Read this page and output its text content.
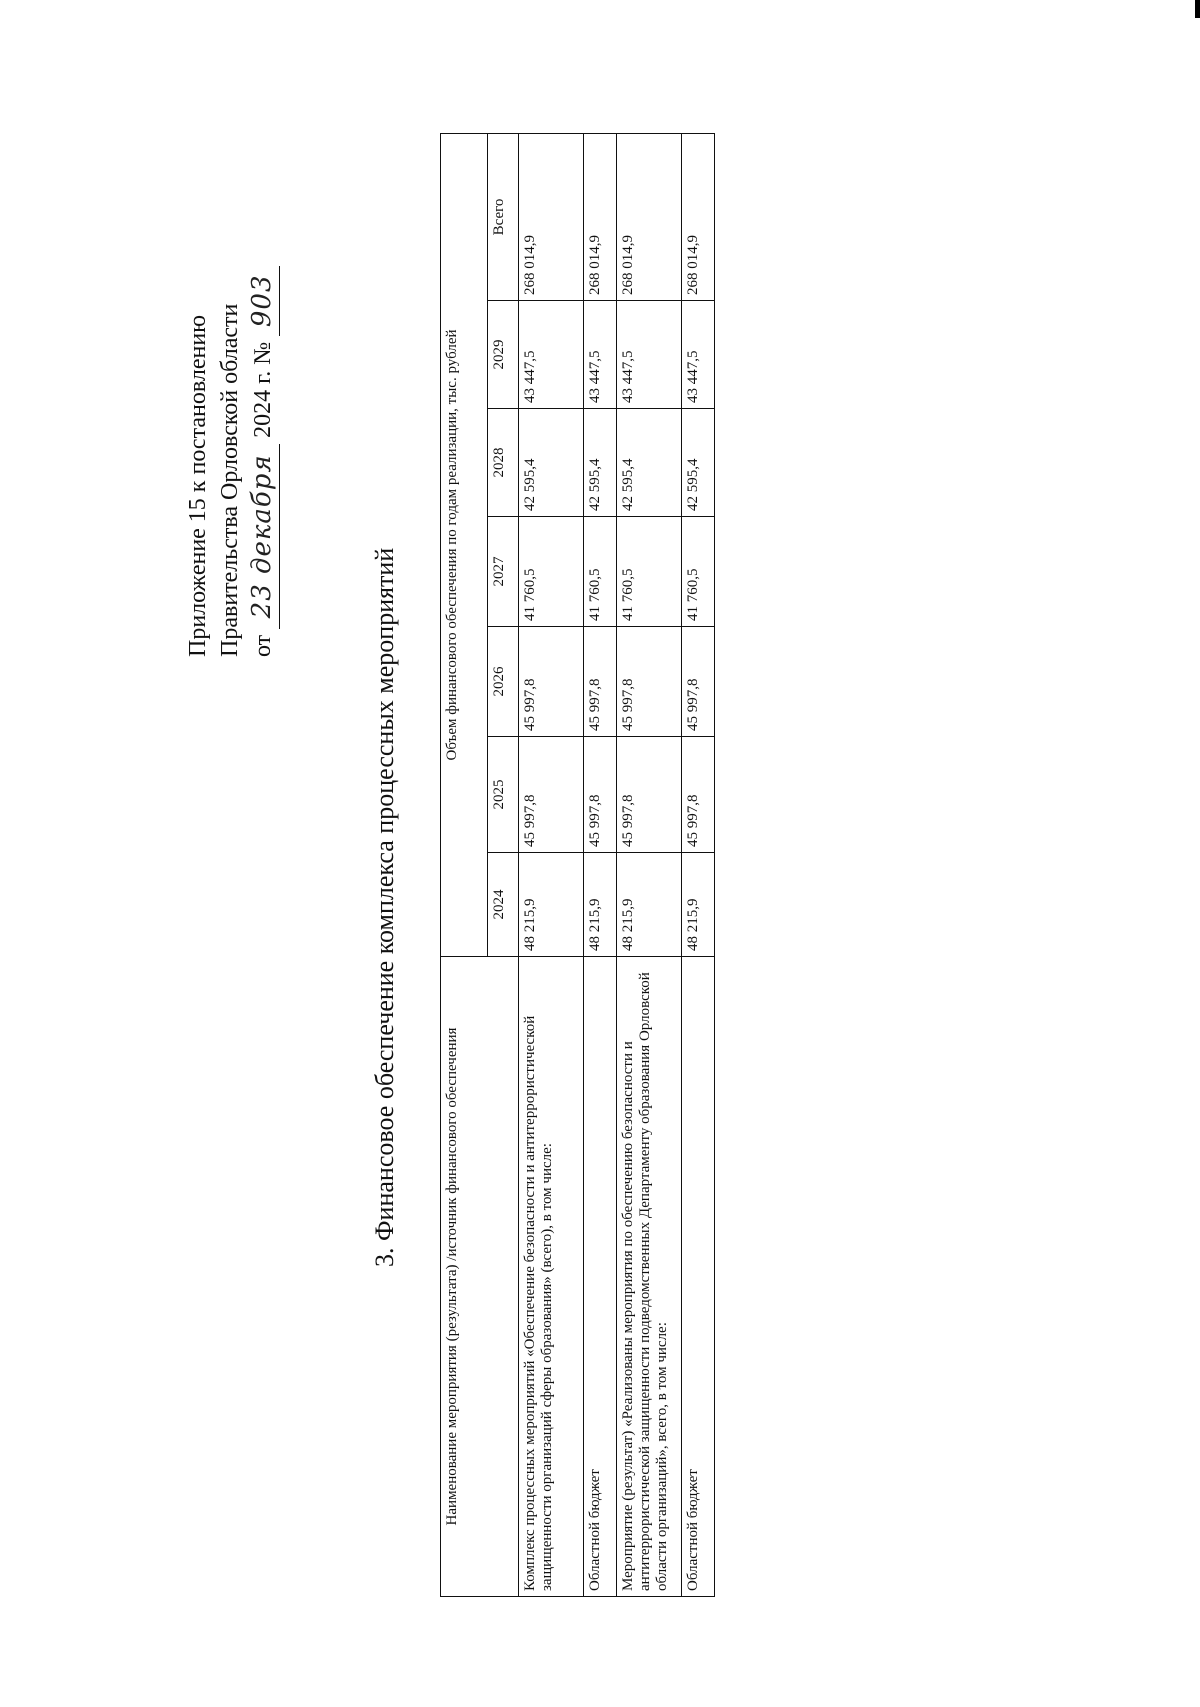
Приложение 15 к постановлению Правительства Орловской области от 23 декабря 2024 г. № 903
3. Финансовое обеспечение комплекса процессных мероприятий
Наименование мероприятия (результата) /источник финансового обеспечения	Объем финансового обеспечения по годам реализации, тыс. рублей						
	2024	2025	2026	2027	2028	2029	Всего
Комплекс процессных мероприятий «Обеспечение безопасности и антитеррористической защищенности организаций сферы образования» (всего), в том числе:	48 215,9	45 997,8	45 997,8	41 760,5	42 595,4	43 447,5	268 014,9
Областной бюджет	48 215,9	45 997,8	45 997,8	41 760,5	42 595,4	43 447,5	268 014,9
Мероприятие (результат) «Реализованы мероприятия по обеспечению безопасности и антитеррористической защищенности подведомственных Департаменту образования Орловской области организаций», всего, в том числе:	48 215,9	45 997,8	45 997,8	41 760,5	42 595,4	43 447,5	268 014,9
Областной бюджет	48 215,9	45 997,8	45 997,8	41 760,5	42 595,4	43 447,5	268 014,9
